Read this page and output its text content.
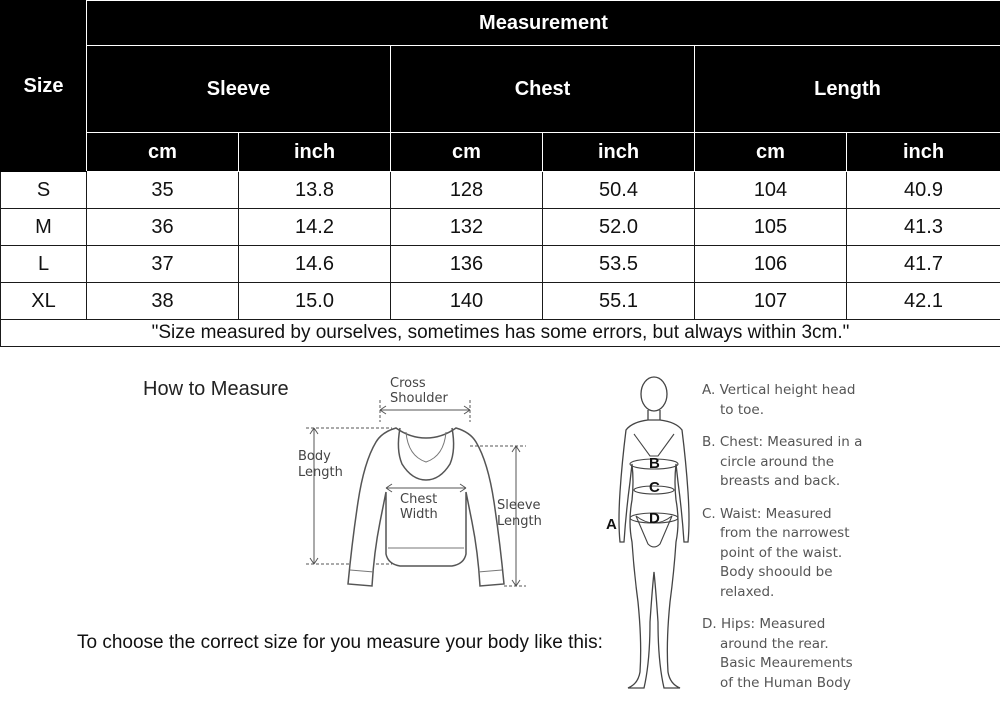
Size	Measurement					
	Sleeve		Chest		Length	
	cm	inch	cm	inch	cm	inch
S	35	13.8	128	50.4	104	40.9
M	36	14.2	132	52.0	105	41.3
L	37	14.6	136	53.5	106	41.7
XL	38	15.0	140	55.1	107	42.1
"Size measured by ourselves, sometimes has some errors, but always within 3cm."						
How to Measure	Cross
Shoulder
Body
Length
Chest
Width
Sleeve
Length
B
C
D
A
A. Vertical height head
to toe.
B. Chest: Measured in a
circle around the
breasts and back.
C. Waist: Measured
from the narrowest
point of the waist.
Body shoould be
relaxed.
D. Hips: Measured
around the rear.
Basic Meaurements
of the Human Body
To choose the correct size for you measure your body like this:
